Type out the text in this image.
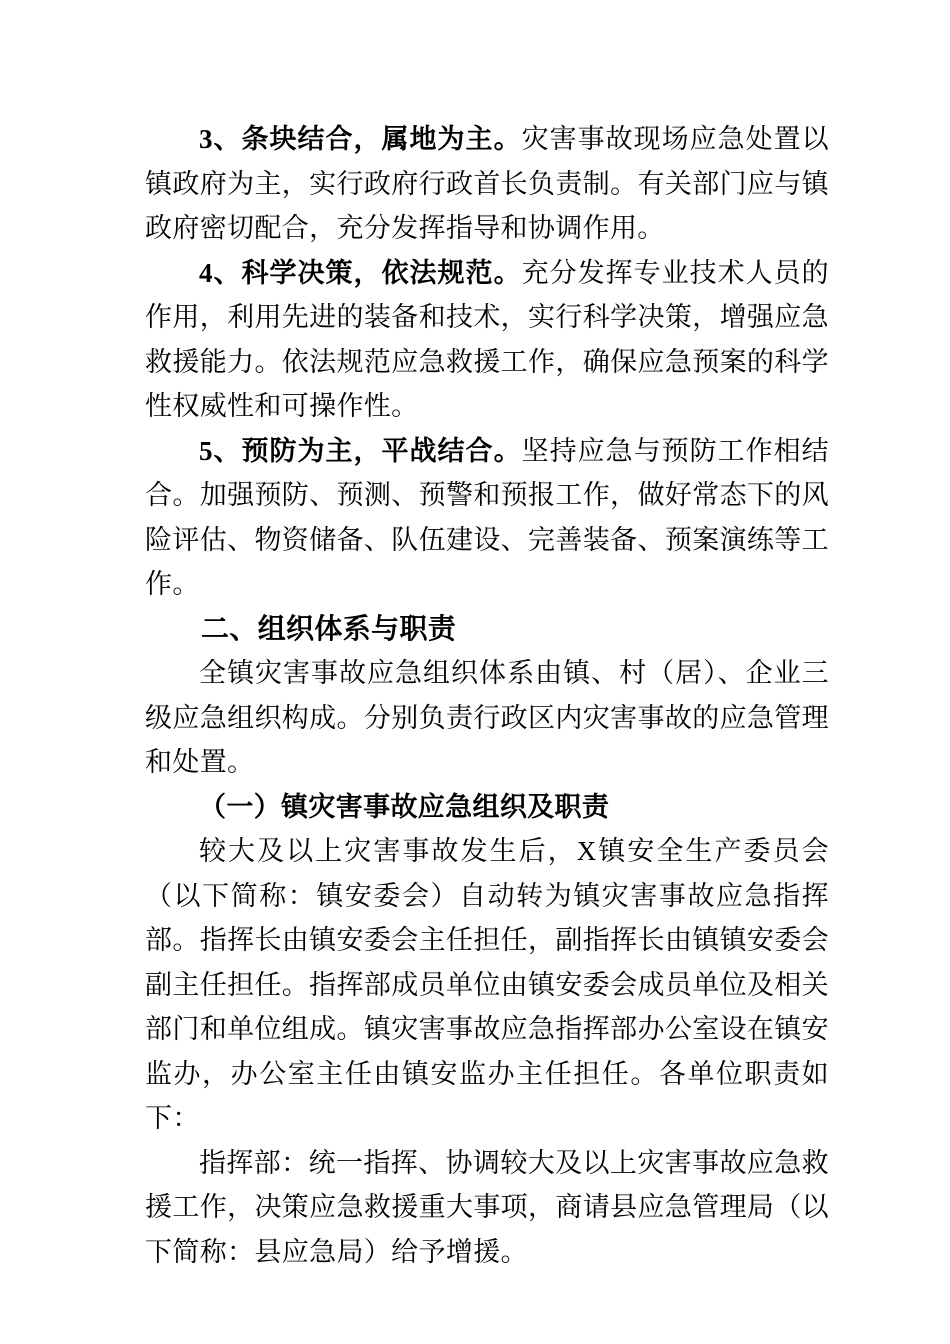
3、条块结合，属地为主。灾害事故现场应急处置以镇政府为主，实行政府行政首长负责制。有关部门应与镇政府密切配合，充分发挥指导和协调作用。

4、科学决策，依法规范。充分发挥专业技术人员的作用，利用先进的装备和技术，实行科学决策，增强应急救援能力。依法规范应急救援工作，确保应急预案的科学性权威性和可操作性。

5、预防为主，平战结合。坚持应急与预防工作相结合。加强预防、预测、预警和预报工作，做好常态下的风险评估、物资储备、队伍建设、完善装备、预案演练等工作。

二、组织体系与职责

全镇灾害事故应急组织体系由镇、村（居）、企业三级应急组织构成。分别负责行政区内灾害事故的应急管理和处置。

（一）镇灾害事故应急组织及职责

较大及以上灾害事故发生后，X镇安全生产委员会（以下简称：镇安委会）自动转为镇灾害事故应急指挥部。指挥长由镇安委会主任担任，副指挥长由镇镇安委会副主任担任。指挥部成员单位由镇安委会成员单位及相关部门和单位组成。镇灾害事故应急指挥部办公室设在镇安监办，办公室主任由镇安监办主任担任。各单位职责如下：

指挥部：统一指挥、协调较大及以上灾害事故应急救援工作，决策应急救援重大事项，商请县应急管理局（以下简称：县应急局）给予增援。
